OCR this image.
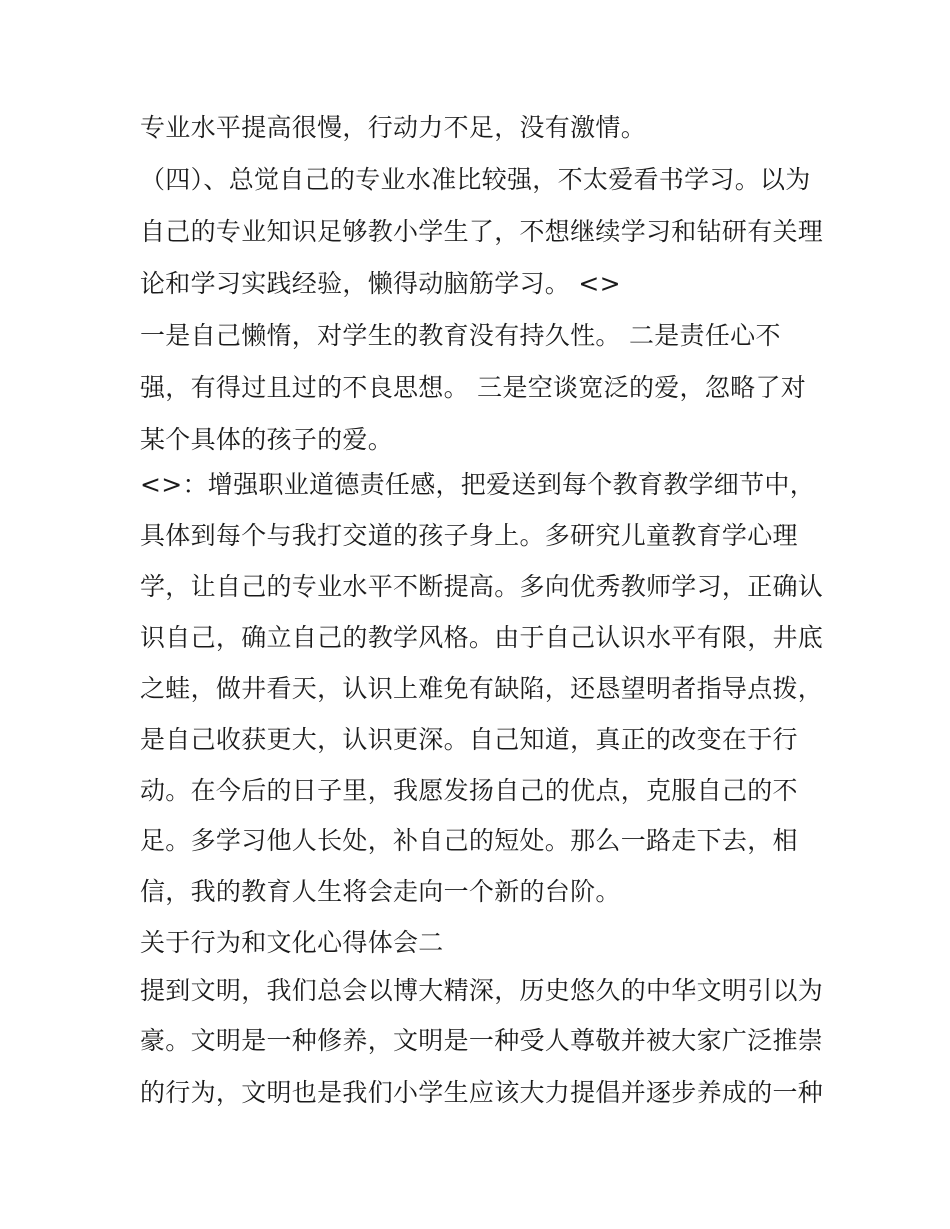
专业水平提高很慢，行动力不足，没有激情。
（四）、总觉自己的专业水准比较强，不太爱看书学习。以为
自己的专业知识足够教小学生了，不想继续学习和钻研有关理
论和学习实践经验，懒得动脑筋学习。 <>
一是自己懒惰，对学生的教育没有持久性。 二是责任心不
强，有得过且过的不良思想。 三是空谈宽泛的爱，忽略了对
某个具体的孩子的爱。
<>：增强职业道德责任感，把爱送到每个教育教学细节中，
具体到每个与我打交道的孩子身上。多研究儿童教育学心理
学，让自己的专业水平不断提高。多向优秀教师学习，正确认
识自己，确立自己的教学风格。由于自己认识水平有限，井底
之蛙，做井看天，认识上难免有缺陷，还恳望明者指导点拨，
是自己收获更大，认识更深。自己知道，真正的改变在于行
动。在今后的日子里，我愿发扬自己的优点，克服自己的不
足。多学习他人长处，补自己的短处。那么一路走下去，相
信，我的教育人生将会走向一个新的台阶。
关于行为和文化心得体会二
提到文明，我们总会以博大精深，历史悠久的中华文明引以为
豪。文明是一种修养，文明是一种受人尊敬并被大家广泛推崇
的行为，文明也是我们小学生应该大力提倡并逐步养成的一种
